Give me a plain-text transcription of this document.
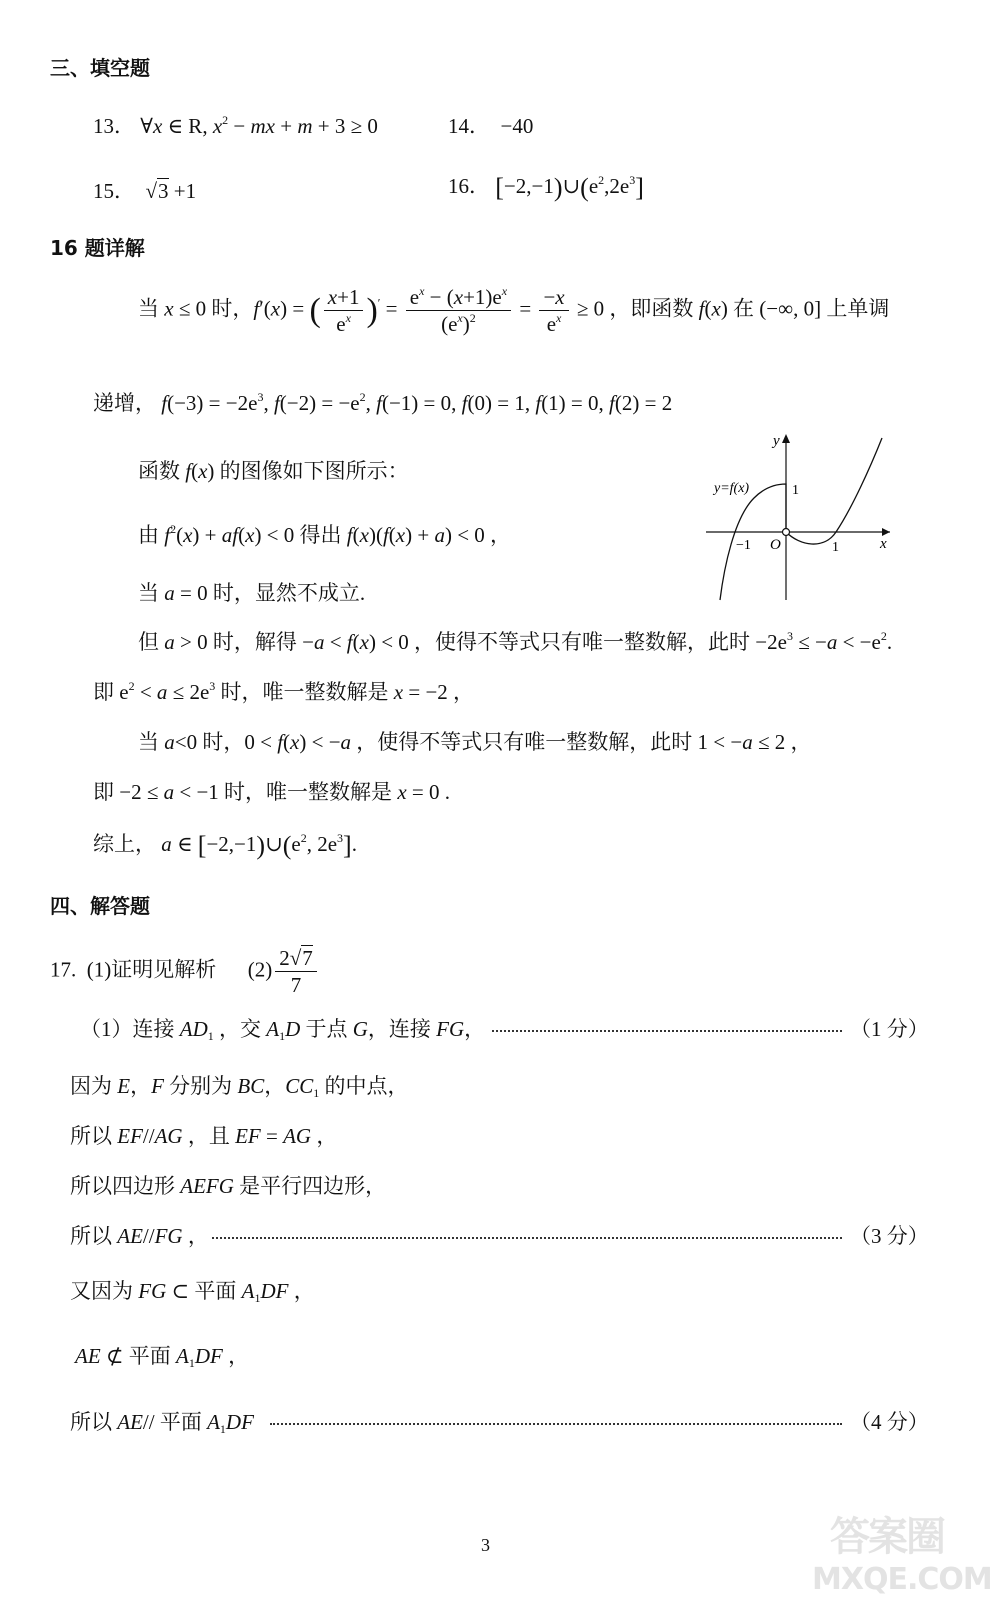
三、填空题
13． ∀x ∈ R, $x^2$ − mx + m + 3 ≥ 0	14．  −40
15．  √3 +1	16． $[-2,-1)\cup(e^2,2e^3]$
16 题详解
当 x ≤ 0 时，f′(x) = ( $\frac{x+1}{e^x} )' = \frac{e^x - (x+1)e^x}{(e^x)^2} = \frac{-x}{e^x} \ge 0$ ，即函数 f(x) 在 (−∞, 0] 上单调
递增， $f(-3) = -2e^3$, $f(-2) = -e^2$, f(−1) = 0, f(0) = 1, f(1) = 0, f(2) = 2
函数 f(x) 的图像如下图所示：
由 $f^2(x) + af(x) < 0$ 得出 f(x)(f(x) + a) < 0 ，
当 a = 0 时，显然不成立.
但 a > 0 时，解得 −a < f(x) < 0 ，使得不等式只有唯一整数解，此时 $-2e^3 \le -a < -e^2$.
即 $e^2 < a \le 2e^3$ 时，唯一整数解是 x = −2 ，
当 a<0 时，0 < f(x) < −a ，使得不等式只有唯一整数解，此时 1 < −a ≤ 2 ，
即 −2 ≤ a < −1 时，唯一整数解是 x = 0 .
综上， a ∈ $[-2,-1)\cup(e^2$, $2e^3$].
y
x
O
y=f(x)	1
−1	1
四、解答题
17.  (1)证明见解析      $(2) \frac{2√7}{7}$
（1）连接 $AD_1$ ，交 $A_1D$ 于点 G，连接 FG，	（1 分）
因为 E，F 分别为 BC，$CC_1$ 的中点，
所以 EF//AG ，且 EF = AG ，
所以四边形 AEFG 是平行四边形，
所以 AE//FG ，	（3 分）
又因为 FG ⊂ 平面 $A_1DF$ ，
AE ⊄ 平面 $A_1DF$ ，
所以 AE// 平面 $A_1DF$	（4 分）
3	答案圈
MXQE.COM
